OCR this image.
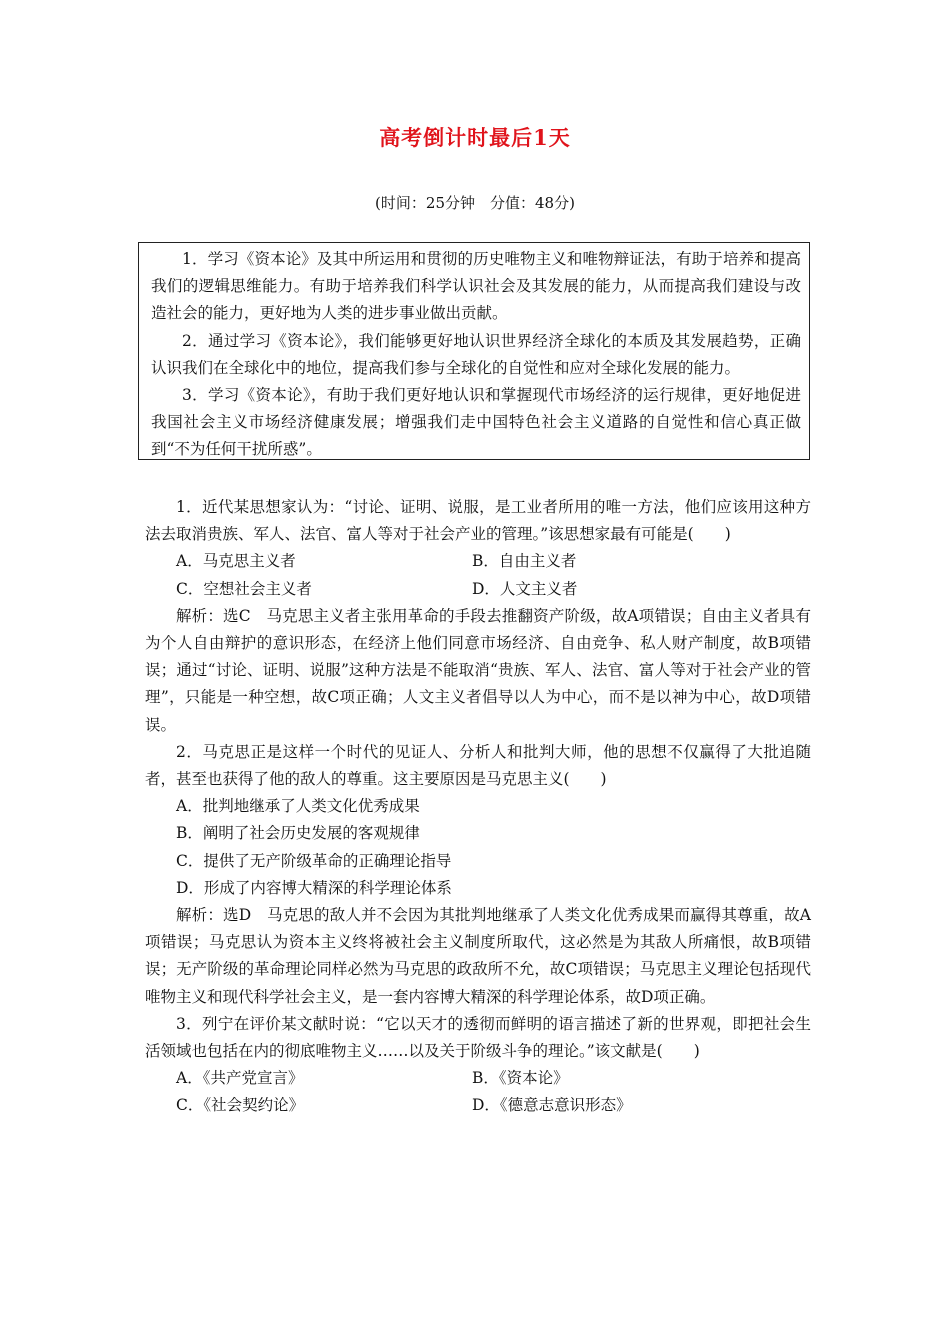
高考倒计时最后1天
(时间：25分钟　分值：48分)

1．学习《资本论》及其中所运用和贯彻的历史唯物主义和唯物辩证法，有助于培养和提高我们的逻辑思维能力。有助于培养我们科学认识社会及其发展的能力，从而提高我们建设与改造社会的能力，更好地为人类的进步事业做出贡献。

2．通过学习《资本论》，我们能够更好地认识世界经济全球化的本质及其发展趋势，正确认识我们在全球化中的地位，提高我们参与全球化的自觉性和应对全球化发展的能力。

3．学习《资本论》，有助于我们更好地认识和掌握现代市场经济的运行规律，更好地促进我国社会主义市场经济健康发展；增强我们走中国特色社会主义道路的自觉性和信心真正做到“不为任何干扰所惑”。

1．近代某思想家认为：“讨论、证明、说服，是工业者所用的唯一方法，他们应该用这种方法去取消贵族、军人、法官、富人等对于社会产业的管理。”该思想家最有可能是(　　)

A．马克思主义者	B．自由主义者
C．空想社会主义者	D．人文主义者

解析：选C　马克思主义者主张用革命的手段去推翻资产阶级，故A项错误；自由主义者具有为个人自由辩护的意识形态，在经济上他们同意市场经济、自由竞争、私人财产制度，故B项错误；通过“讨论、证明、说服”这种方法是不能取消“贵族、军人、法官、富人等对于社会产业的管理”，只能是一种空想，故C项正确；人文主义者倡导以人为中心，而不是以神为中心，故D项错误。

2．马克思正是这样一个时代的见证人、分析人和批判大师，他的思想不仅赢得了大批追随者，甚至也获得了他的敌人的尊重。这主要原因是马克思主义(　　)

A．批判地继承了人类文化优秀成果

B．阐明了社会历史发展的客观规律

C．提供了无产阶级革命的正确理论指导

D．形成了内容博大精深的科学理论体系

解析：选D　马克思的敌人并不会因为其批判地继承了人类文化优秀成果而赢得其尊重，故A项错误；马克思认为资本主义终将被社会主义制度所取代，这必然是为其敌人所痛恨，故B项错误；无产阶级的革命理论同样必然为马克思的政敌所不允，故C项错误；马克思主义理论包括现代唯物主义和现代科学社会主义，是一套内容博大精深的科学理论体系，故D项正确。

3．列宁在评价某文献时说：“它以天才的透彻而鲜明的语言描述了新的世界观，即把社会生活领域也包括在内的彻底唯物主义……以及关于阶级斗争的理论。”该文献是(　　)

A．《共产党宣言》	B．《资本论》
C．《社会契约论》	D．《德意志意识形态》
